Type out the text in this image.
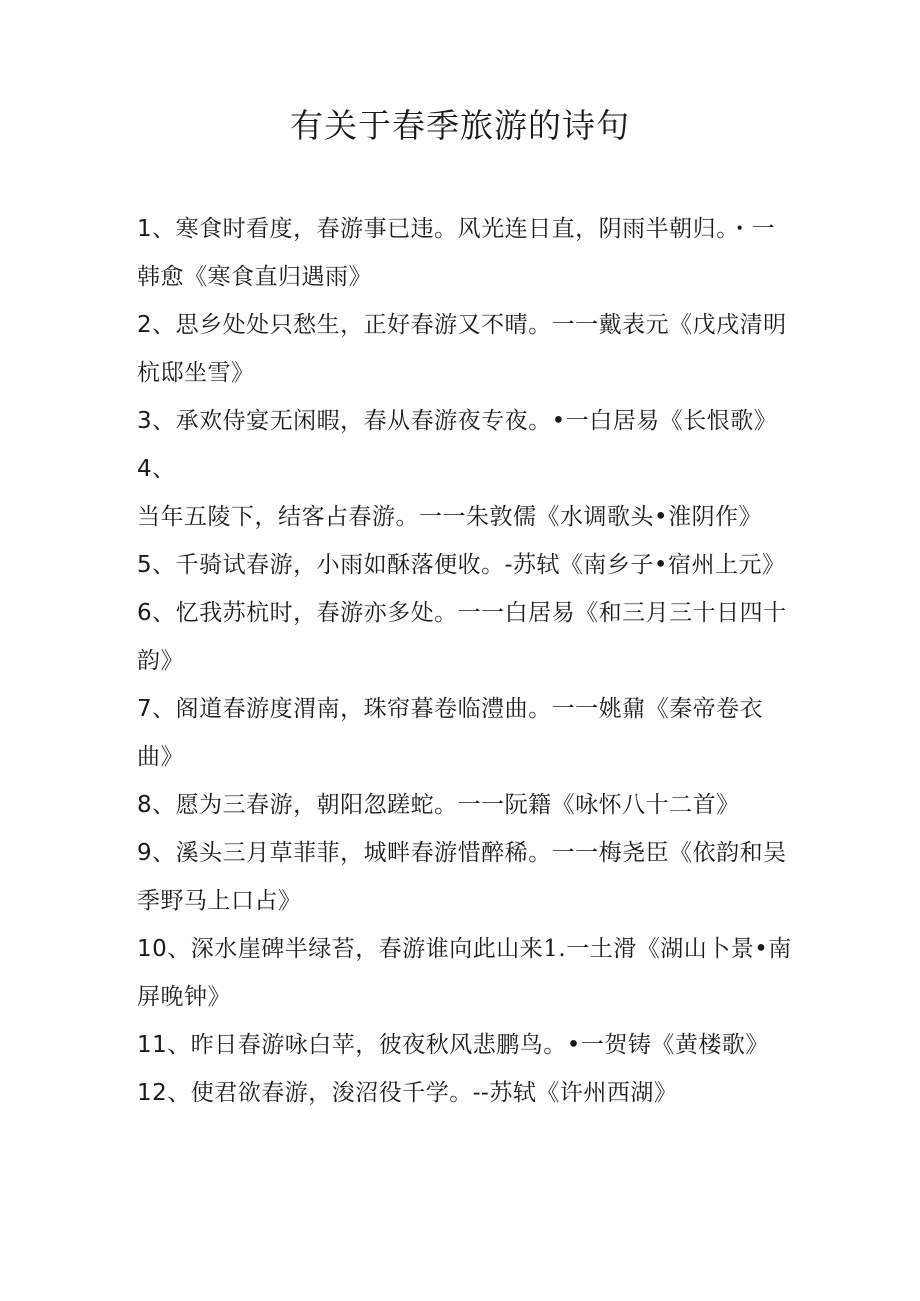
有关于春季旅游的诗句
1、寒食时看度，春游事已违。风光连日直，阴雨半朝归。・一韩愈《寒食直归遇雨》
2、思乡处处只愁生，正好春游又不晴。一一戴表元《戊戌清明杭邸坐雪》
3、承欢侍宴无闲暇，春从春游夜专夜。•一白居易《长恨歌》
4、当年五陵下，结客占春游。一一朱敦儒《水调歌头•淮阴作》
5、千骑试春游，小雨如酥落便收。-苏轼《南乡子•宿州上元》
6、忆我苏杭时，春游亦多处。一一白居易《和三月三十日四十韵》
7、阁道春游度渭南，珠帘暮卷临澧曲。一一姚鼐《秦帝卷衣曲》
8、愿为三春游，朝阳忽蹉蛇。一一阮籍《咏怀八十二首》
9、溪头三月草菲菲，城畔春游惜醉稀。一一梅尧臣《依韵和吴季野马上口占》
10、深水崖碑半绿苔，春游谁向此山来1.一土滑《湖山卜景•南屏晚钟》
11、昨日春游咏白苹，彼夜秋风悲鹏鸟。•一贺铸《黄楼歌》
12、使君欲春游，浚沼役千学。--苏轼《许州西湖》
